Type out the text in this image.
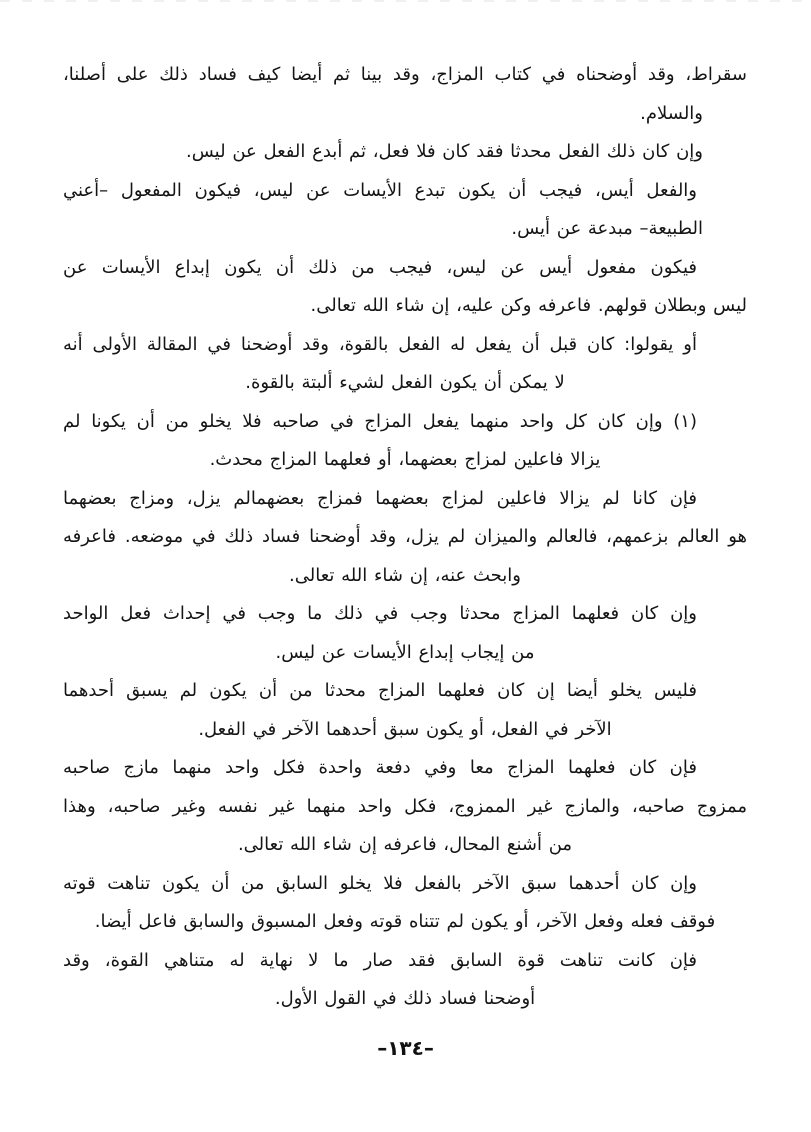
سقراط، وقد أوضحناه في كتاب المزاج، وقد بينا ثم أيضا كيف فساد ذلك على أصلنا،
والسلام.
وإن كان ذلك الفعل محدثا فقد كان فلا فعل، ثم أبدع الفعل عن ليس.
والفعل أيس، فيجب أن يكون تبدع الأيسات عن ليس، فيكون المفعول –أعني
الطبيعة– مبدعة عن أيس.
فيكون مفعول أيس عن ليس، فيجب من ذلك أن يكون إبداع الأيسات عن
ليس وبطلان قولهم. فاعرفه وكن عليه، إن شاء الله تعالى.
أو يقولوا: كان قبل أن يفعل له الفعل بالقوة، وقد أوضحنا في المقالة الأولى أنه
لا يمكن أن يكون الفعل لشيء ألبتة بالقوة.
(١) وإن كان كل واحد منهما يفعل المزاج في صاحبه فلا يخلو من أن يكونا لم
يزالا فاعلين لمزاج بعضهما، أو فعلهما المزاج محدث.
فإن كانا لم يزالا فاعلين لمزاج بعضهما فمزاج بعضهمالم يزل، ومزاج بعضهما
هو العالم بزعمهم، فالعالم والميزان لم يزل، وقد أوضحنا فساد ذلك في موضعه. فاعرفه
وابحث عنه، إن شاء الله تعالى.
وإن كان فعلهما المزاج محدثا وجب في ذلك ما وجب في إحداث فعل الواحد
من إيجاب إبداع الأيسات عن ليس.
فليس يخلو أيضا إن كان فعلهما المزاج محدثا من أن يكون لم يسبق أحدهما
الآخر في الفعل، أو يكون سبق أحدهما الآخر في الفعل.
فإن كان فعلهما المزاج معا وفي دفعة واحدة فكل واحد منهما مازج صاحبه
ممزوج صاحبه، والمازج غير الممزوج، فكل واحد منهما غير نفسه وغير صاحبه، وهذا
من أشنع المحال، فاعرفه إن شاء الله تعالى.
وإن كان أحدهما سبق الآخر بالفعل فلا يخلو السابق من أن يكون تناهت قوته
فوقف فعله وفعل الآخر، أو يكون لم تتناه قوته وفعل المسبوق والسابق فاعل أيضا.
فإن كانت تناهت قوة السابق فقد صار ما لا نهاية له متناهي القوة، وقد
أوضحنا فساد ذلك في القول الأول.
–١٣٤–
